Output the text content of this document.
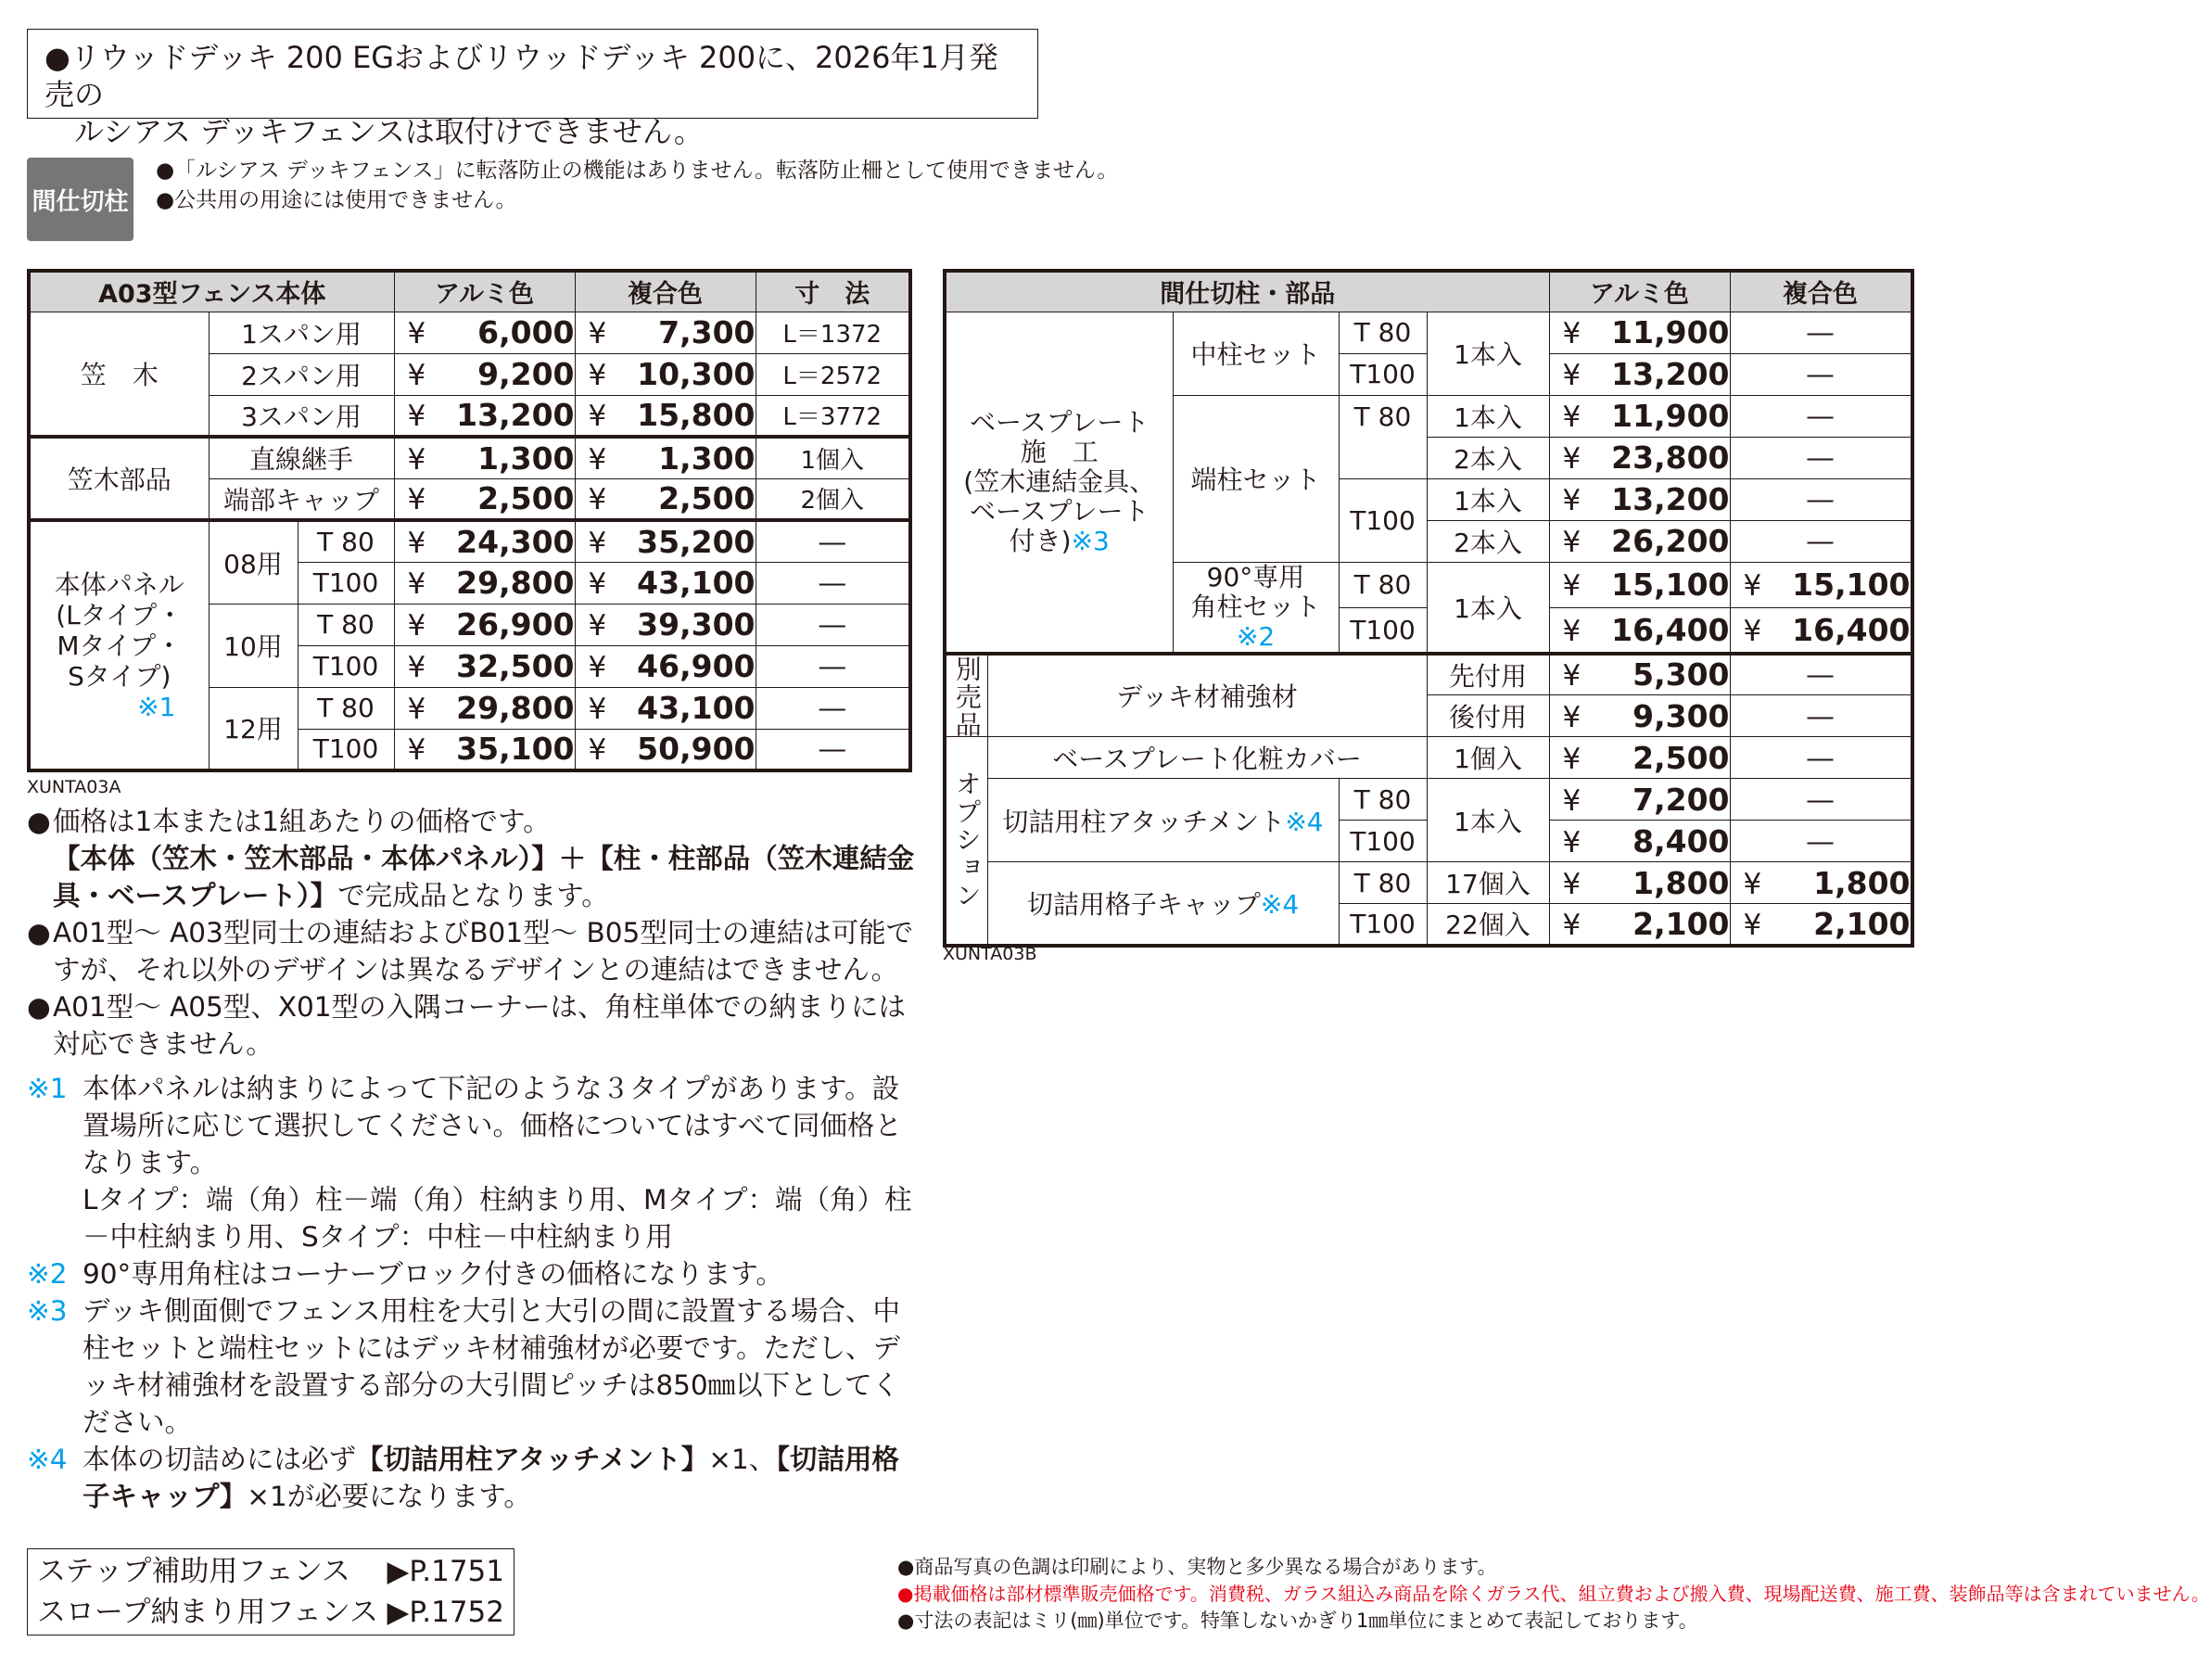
●リウッドデッキ 200 EGおよびリウッドデッキ 200に、2026年1月発売の
ルシアス デッキフェンスは取付けできません。
間仕切柱
●「ルシアス デッキフェンス」に転落防止の機能はありません。転落防止柵として使用できません。
●公共用の用途には使用できません。
A03型フェンス本体			アルミ色	複合色	寸　法
笠　木	1スパン用		¥ 6,000	¥ 7,300	L＝1372
	2スパン用		¥ 9,200	¥ 10,300	L＝2572
	3スパン用		¥ 13,200	¥ 15,800	L＝3772
笠木部品	直線継手		¥ 1,300	¥ 1,300	1個入
	端部キャップ		¥ 2,500	¥ 2,500	2個入

本体パネル
(Lタイプ・
Mタイプ・
Sタイプ)
※1	08用	T 80	¥ 24,300	¥ 35,200	―
		T100	¥ 29,800	¥ 43,100	―
	10用	T 80	¥ 26,900	¥ 39,300	―
		T100	¥ 32,500	¥ 46,900	―
	12用	T 80	¥ 29,800	¥ 43,100	―
		T100	¥ 35,100	¥ 50,900	―
XUNTA03A
間仕切柱・部品					アルミ色	複合色

ベースプレート
施　工
(笠木連結金具、
ベースプレート
付き)※3		中柱セット	T 80	1本入	¥ 11,900	―
			T100		¥ 13,200	―
		端柱セット	T 80	1本入	¥ 11,900	―
				2本入	¥ 23,800	―
			T100	1本入	¥ 13,200	―
				2本入	¥ 26,200	―

		90°専用
角柱セット※2	T 80	1本入	¥ 15,100	¥ 15,100
			T100		¥ 16,400	¥ 16,400
別売品	デッキ材補強材			先付用	¥ 5,300	―
				後付用	¥ 9,300	―
オプション	ベースプレート化粧カバー			1個入	¥ 2,500	―
	切詰用柱アタッチメント※4		T 80	1本入	¥ 7,200	―
			T100		¥ 8,400	―
	切詰用格子キャップ※4		T 80	17個入	¥ 1,800	¥ 1,800
			T100	22個入	¥ 2,100	¥ 2,100
XUNTA03B

● 価格は1本または1組あたりの価格です。
【本体（笠木・笠木部品・本体パネル）】＋【柱・柱部品（笠木連結金具・ベースプレート）】で完成品となります。

● A01型～ A03型同士の連結およびB01型～ B05型同士の連結は可能ですが、それ以外のデザインは異なるデザインとの連結はできません。

● A01型～ A05型、X01型の入隅コーナーは、角柱単体での納まりには対応できません。

※1 本体パネルは納まりによって下記のような３タイプがあります。設置場所に応じて選択してください。価格についてはすべて同価格となります。
Lタイプ：端（角）柱－端（角）柱納まり用、Mタイプ：端（角）柱－中柱納まり用、Sタイプ：中柱－中柱納まり用

※2 90°専用角柱はコーナーブロック付きの価格になります。

※3 デッキ側面側でフェンス用柱を大引と大引の間に設置する場合、中柱セットと端柱セットにはデッキ材補強材が必要です。ただし、デッキ材補強材を設置する部分の大引間ピッチは850㎜以下としてください。

※4 本体の切詰めには必ず【切詰用柱アタッチメント】×1、【切詰用格子キャップ】×1が必要になります。

ステップ補助用フェンス ▶P.1751
スロープ納まり用フェンス ▶P.1752
●商品写真の色調は印刷により、実物と多少異なる場合があります。
●掲載価格は部材標準販売価格です。消費税、ガラス組込み商品を除くガラス代、組立費および搬入費、現場配送費、施工費、装飾品等は含まれていません。
●寸法の表記はミリ(㎜)単位です。特筆しないかぎり1㎜単位にまとめて表記しております。
